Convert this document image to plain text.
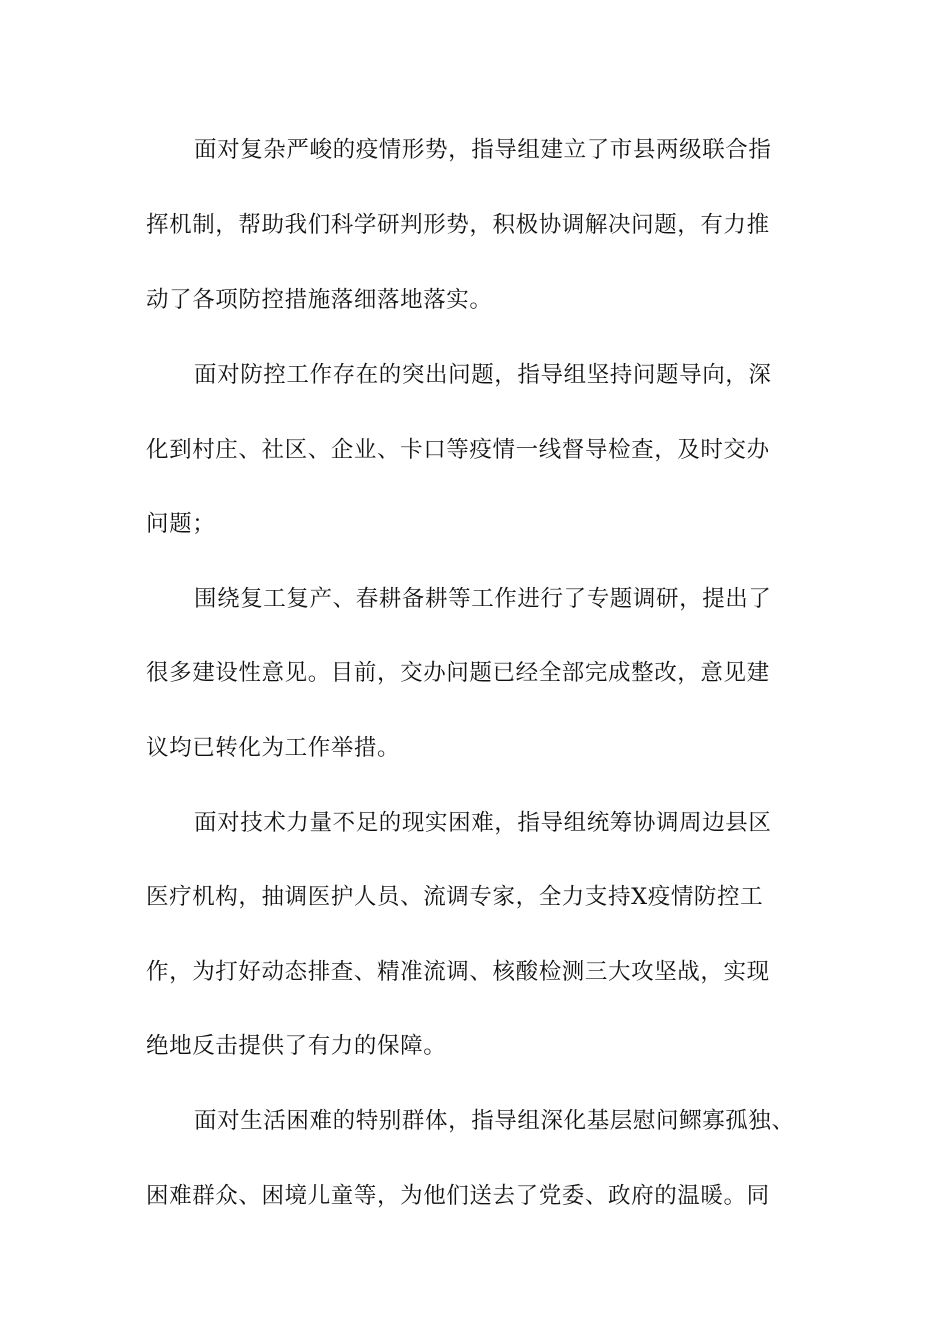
面对复杂严峻的疫情形势，指导组建立了市县两级联合指
挥机制，帮助我们科学研判形势，积极协调解决问题，有力推
动了各项防控措施落细落地落实。
面对防控工作存在的突出问题，指导组坚持问题导向，深
化到村庄、社区、企业、卡口等疫情一线督导检查，及时交办
问题；
围绕复工复产、春耕备耕等工作进行了专题调研，提出了
很多建设性意见。目前，交办问题已经全部完成整改，意见建
议均已转化为工作举措。
面对技术力量不足的现实困难，指导组统筹协调周边县区
医疗机构，抽调医护人员、流调专家，全力支持X疫情防控工
作，为打好动态排查、精准流调、核酸检测三大攻坚战，实现
绝地反击提供了有力的保障。
面对生活困难的特别群体，指导组深化基层慰问鳏寡孤独、
困难群众、困境儿童等，为他们送去了党委、政府的温暖。同
